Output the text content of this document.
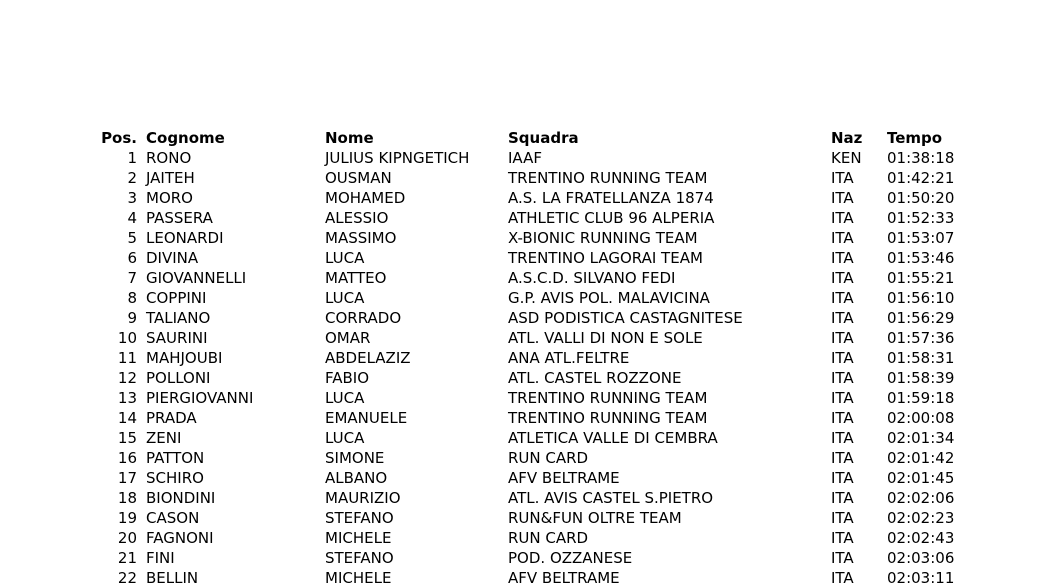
Pos. Cognome	Nome	Squadra	Naz Tempo
1 RONO	JULIUS KIPNGETICH	IAAF	KEN 01:38:18
2 JAITEH	OUSMAN	TRENTINO RUNNING TEAM	ITA 01:42:21
3 MORO	MOHAMED	A.S. LA FRATELLANZA 1874	ITA 01:50:20
4 PASSERA	ALESSIO	ATHLETIC CLUB 96 ALPERIA	ITA 01:52:33
5 LEONARDI	MASSIMO	X-BIONIC RUNNING TEAM	ITA 01:53:07
6 DIVINA	LUCA	TRENTINO LAGORAI TEAM	ITA 01:53:46
7 GIOVANNELLI	MATTEO	A.S.C.D. SILVANO FEDI	ITA 01:55:21
8 COPPINI	LUCA	G.P. AVIS POL. MALAVICINA	ITA 01:56:10
9 TALIANO	CORRADO	ASD PODISTICA CASTAGNITESE	ITA 01:56:29
10 SAURINI	OMAR	ATL. VALLI DI NON E SOLE	ITA 01:57:36
11 MAHJOUBI	ABDELAZIZ	ANA ATL.FELTRE	ITA 01:58:31
12 POLLONI	FABIO	ATL. CASTEL ROZZONE	ITA 01:58:39
13 PIERGIOVANNI	LUCA	TRENTINO RUNNING TEAM	ITA 01:59:18
14 PRADA	EMANUELE	TRENTINO RUNNING TEAM	ITA 02:00:08
15 ZENI	LUCA	ATLETICA VALLE DI CEMBRA	ITA 02:01:34
16 PATTON	SIMONE	RUN CARD	ITA 02:01:42
17 SCHIRO	ALBANO	AFV BELTRAME	ITA 02:01:45
18 BIONDINI	MAURIZIO	ATL. AVIS CASTEL S.PIETRO	ITA 02:02:06
19 CASON	STEFANO	RUN&FUN OLTRE TEAM	ITA 02:02:23
20 FAGNONI	MICHELE	RUN CARD	ITA 02:02:43
21 FINI	STEFANO	POD. OZZANESE	ITA 02:03:06
22 BELLIN	MICHELE	AFV BELTRAME	ITA 02:03:11
